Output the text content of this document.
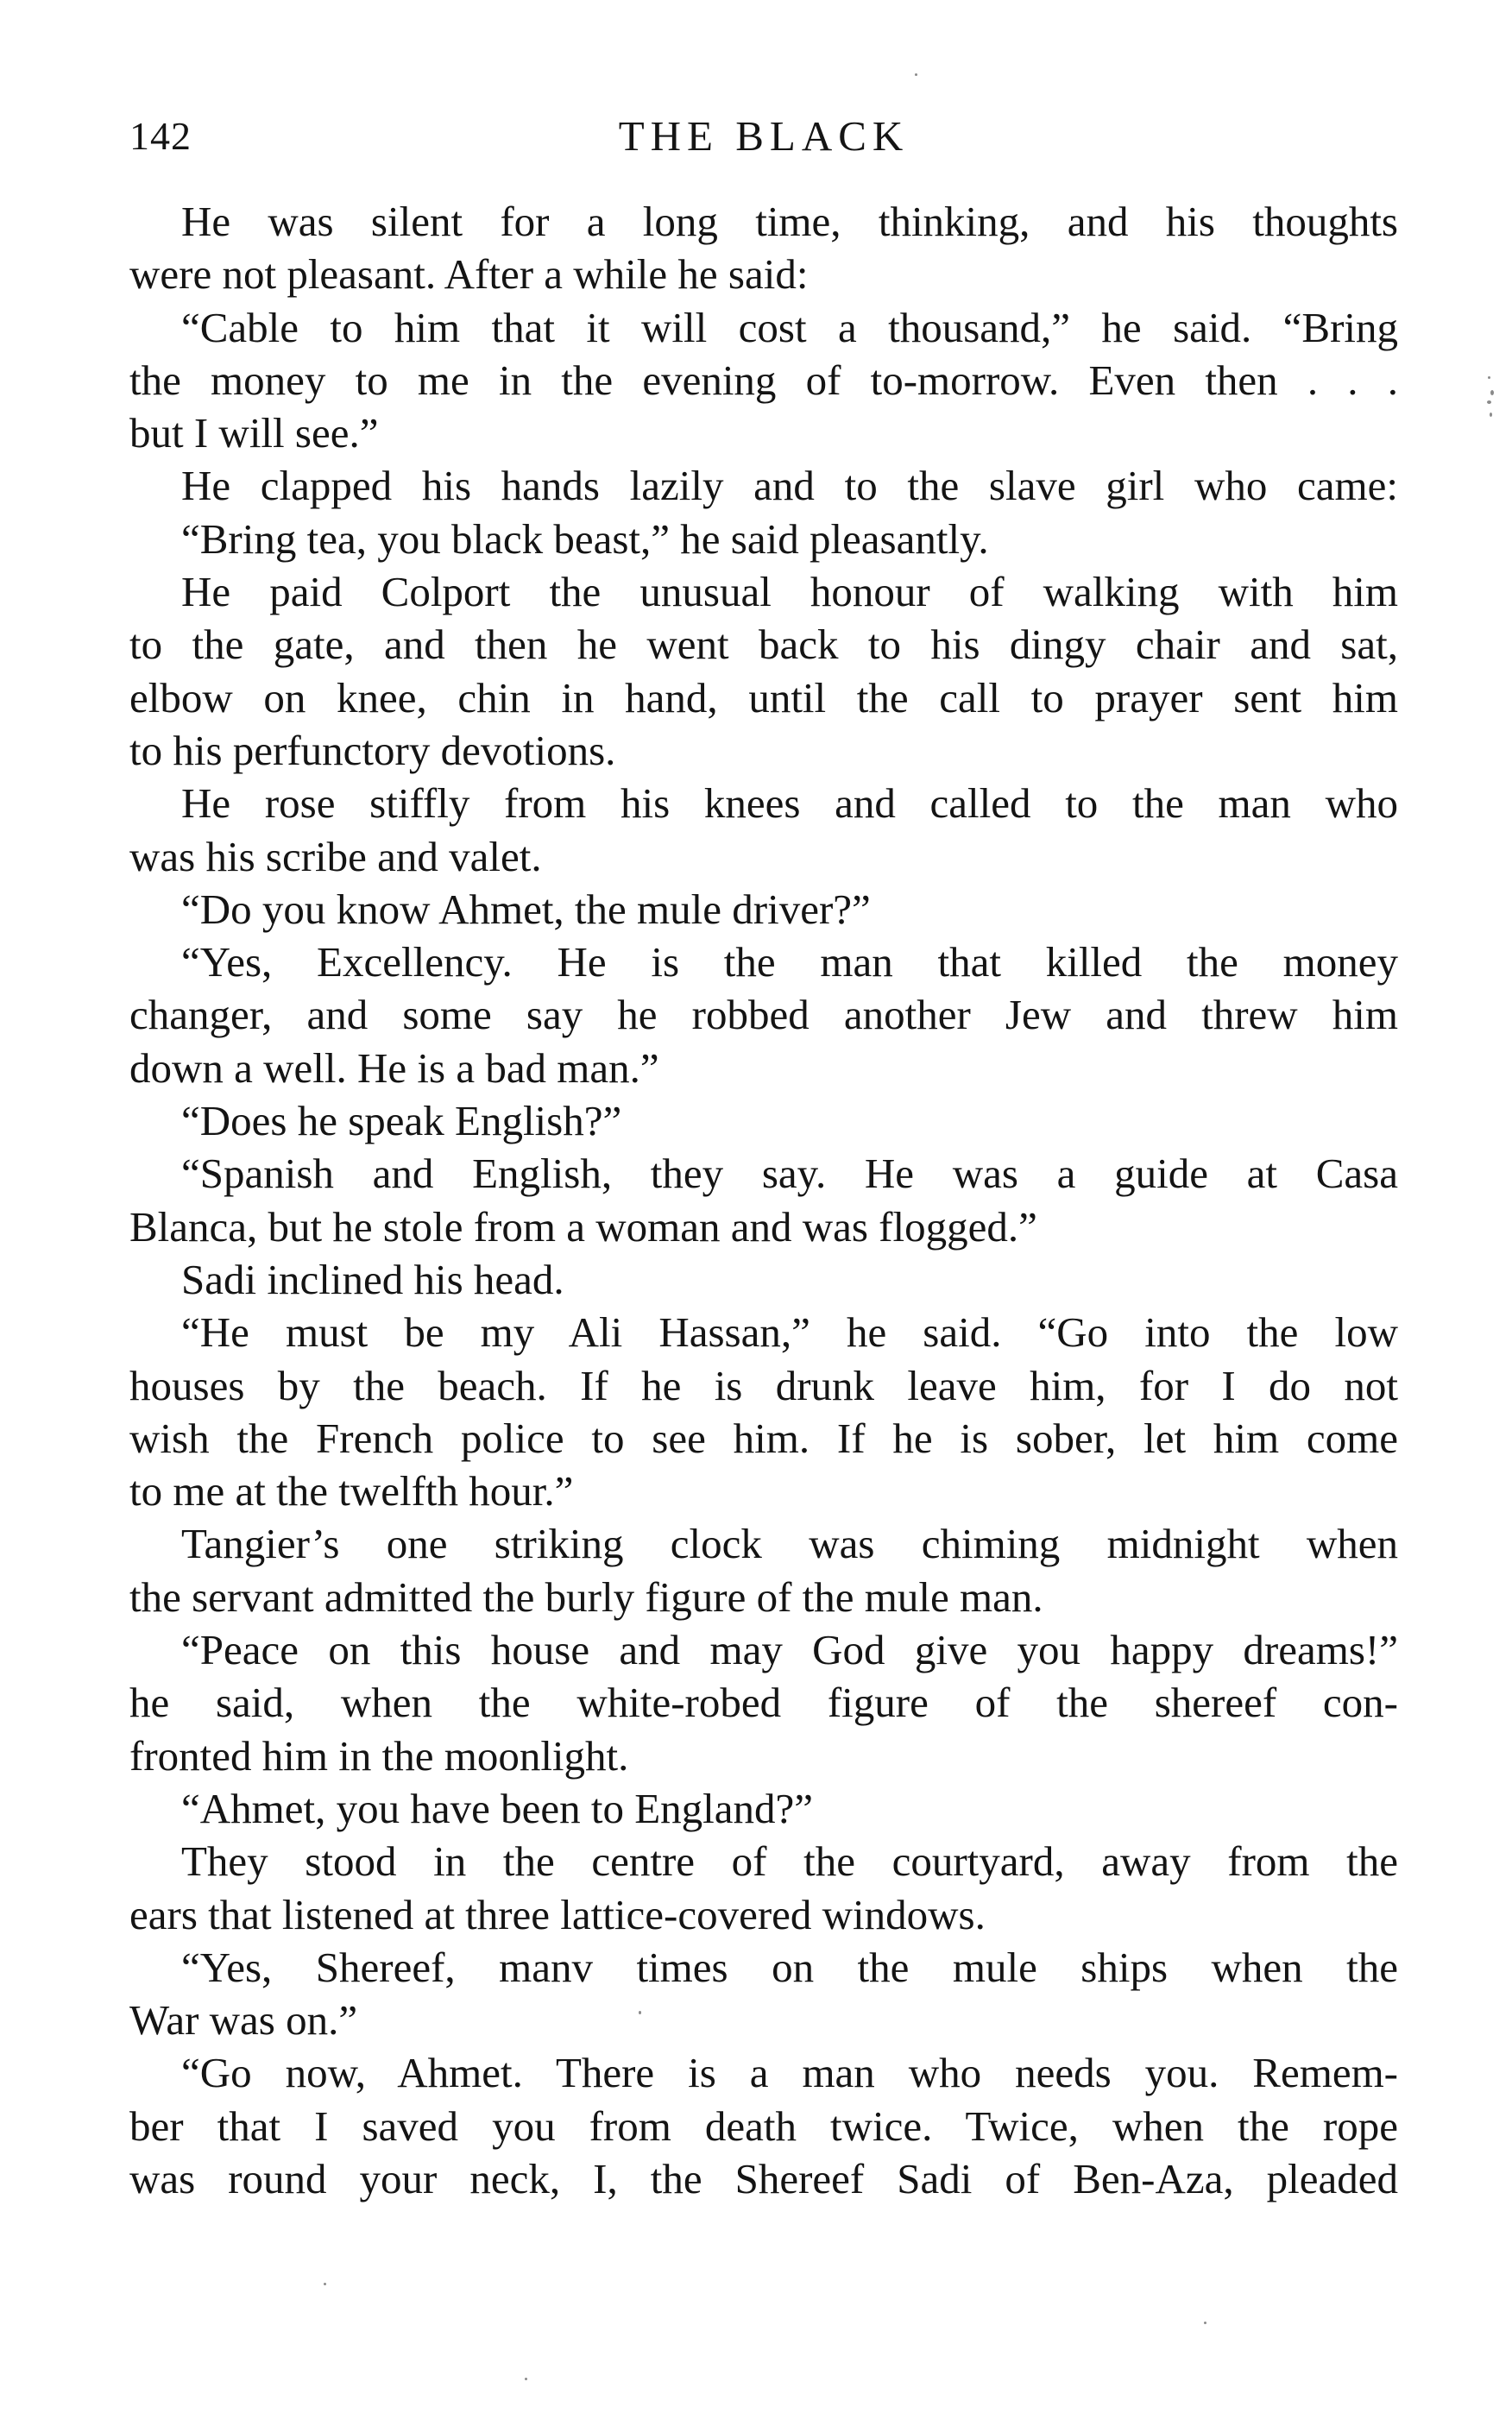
142	THE BLACK
He was silent for a long time, thinking, and his thoughts
were not pleasant. After a while he said:
“Cable to him that it will cost a thousand,” he said. “Bring
the money to me in the evening of to-morrow. Even then . . .
but I will see.”
He clapped his hands lazily and to the slave girl who came:
“Bring tea, you black beast,” he said pleasantly.
He paid Colport the unusual honour of walking with him
to the gate, and then he went back to his dingy chair and sat,
elbow on knee, chin in hand, until the call to prayer sent him
to his perfunctory devotions.
He rose stiffly from his knees and called to the man who
was his scribe and valet.
“Do you know Ahmet, the mule driver?”
“Yes, Excellency. He is the man that killed the money
changer, and some say he robbed another Jew and threw him
down a well. He is a bad man.”
“Does he speak English?”
“Spanish and English, they say. He was a guide at Casa
Blanca, but he stole from a woman and was flogged.”
Sadi inclined his head.
“He must be my Ali Hassan,” he said. “Go into the low
houses by the beach. If he is drunk leave him, for I do not
wish the French police to see him. If he is sober, let him come
to me at the twelfth hour.”
Tangier’s one striking clock was chiming midnight when
the servant admitted the burly figure of the mule man.
“Peace on this house and may God give you happy dreams!”
he said, when the white-robed figure of the shereef con-
fronted him in the moonlight.
“Ahmet, you have been to England?”
They stood in the centre of the courtyard, away from the
ears that listened at three lattice-covered windows.
“Yes, Shereef, manv times on the mule ships when the
War was on.”
“Go now, Ahmet. There is a man who needs you. Remem-
ber that I saved you from death twice. Twice, when the rope
was round your neck, I, the Shereef Sadi of Ben-Aza, pleaded
